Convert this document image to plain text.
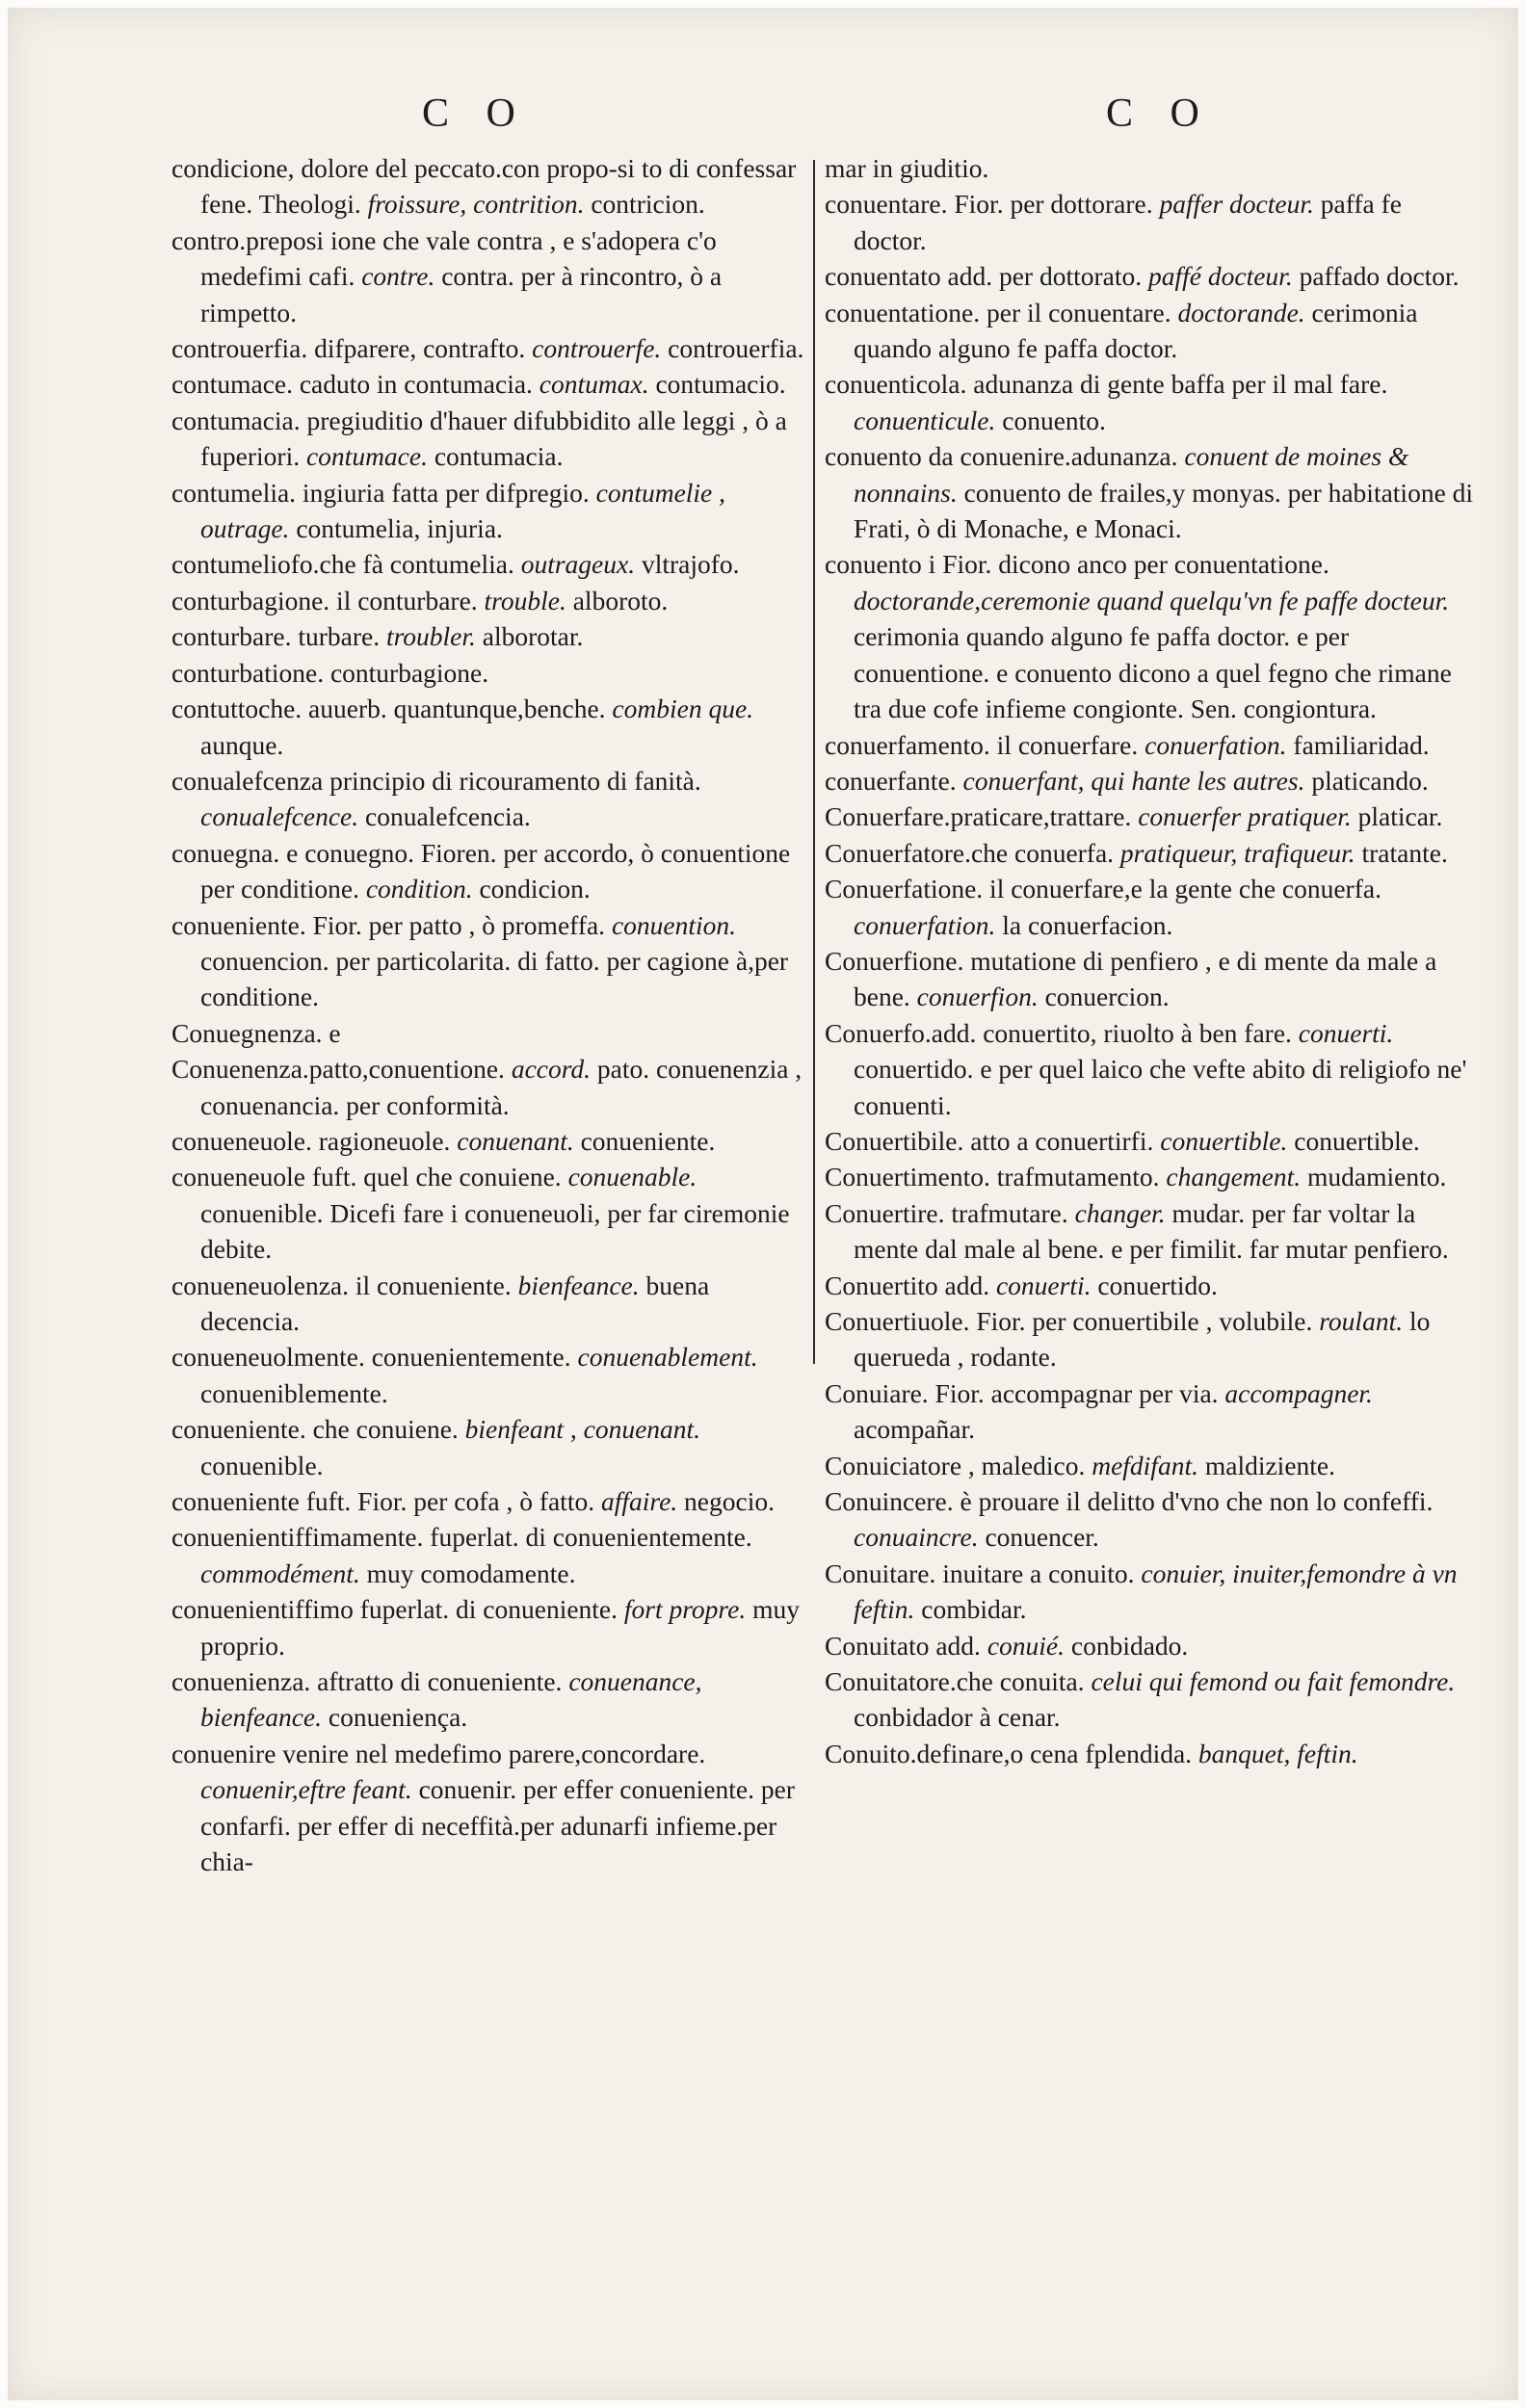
C O	C O

condicione, dolore del peccato.con propo-si to di confessar fene. Theologi. froissure, contrition. contricion.

contro.preposi ione che vale contra , e s'adopera c'o medefimi cafi. contre. contra. per à rincontro, ò a rimpetto.

controuerfia. difparere, contrafto. controuerfe. controuerfia.

contumace. caduto in contumacia. contumax. contumacio.

contumacia. pregiuditio d'hauer difubbidito alle leggi , ò a fuperiori. contumace. contumacia.

contumelia. ingiuria fatta per difpregio. contumelie , outrage. contumelia, injuria.

contumeliofo.che fà contumelia. outrageux. vltrajofo.

conturbagione. il conturbare. trouble. alboroto.

conturbare. turbare. troubler. alborotar.

conturbatione. conturbagione.

contuttoche. auuerb. quantunque,benche. combien que. aunque.

conualefcenza principio di ricouramento di fanità. conualefcence. conualefcencia.

conuegna. e conuegno. Fioren. per accordo, ò conuentione per conditione. condition. condicion.

conueniente. Fior. per patto , ò promeffa. conuention. conuencion. per particolarita. di fatto. per cagione à,per conditione.

Conuegnenza. e

Conuenenza.patto,conuentione. accord. pato. conuenenzia , conuenancia. per conformità.

conueneuole. ragioneuole. conuenant. conueniente.

conueneuole fuft. quel che conuiene. conuenable. conuenible. Dicefi fare i conueneuoli, per far ciremonie debite.

conueneuolenza. il conueniente. bienfeance. buena decencia.

conueneuolmente. conuenientemente. conuenablement. conueniblemente.

conueniente. che conuiene. bienfeant , conuenant. conuenible.

conueniente fuft. Fior. per cofa , ò fatto. affaire. negocio.

conuenientiffimamente. fuperlat. di conuenientemente. commodément. muy comodamente.

conuenientiffimo fuperlat. di conueniente. fort propre. muy proprio.

conuenienza. aftratto di conueniente. conuenance, bienfeance. conueniença.

conuenire venire nel medefimo parere,concordare. conuenir,eftre feant. conuenir. per effer conueniente. per confarfi. per effer di neceffità.per adunarfi infieme.per chia-

mar in giuditio.

conuentare. Fior. per dottorare. paffer docteur. paffa fe doctor.

conuentato add. per dottorato. paffé docteur. paffado doctor.

conuentatione. per il conuentare. doctorande. cerimonia quando alguno fe paffa doctor.

conuenticola. adunanza di gente baffa per il mal fare. conuenticule. conuento.

conuento da conuenire.adunanza. conuent de moines & nonnains. conuento de frailes,y monyas. per habitatione di Frati, ò di Monache, e Monaci.

conuento i Fior. dicono anco per conuentatione. doctorande,ceremonie quand quelqu'vn fe paffe docteur. cerimonia quando alguno fe paffa doctor. e per conuentione. e conuento dicono a quel fegno che rimane tra due cofe infieme congionte. Sen. congiontura.

conuerfamento. il conuerfare. conuerfation. familiaridad.

conuerfante. conuerfant, qui hante les autres. platicando.

Conuerfare.praticare,trattare. conuerfer pratiquer. platicar.

Conuerfatore.che conuerfa. pratiqueur, trafiqueur. tratante.

Conuerfatione. il conuerfare,e la gente che conuerfa. conuerfation. la conuerfacion.

Conuerfione. mutatione di penfiero , e di mente da male a bene. conuerfion. conuercion.

Conuerfo.add. conuertito, riuolto à ben fare. conuerti. conuertido. e per quel laico che vefte abito di religiofo ne' conuenti.

Conuertibile. atto a conuertirfi. conuertible. conuertible.

Conuertimento. trafmutamento. changement. mudamiento.

Conuertire. trafmutare. changer. mudar. per far voltar la mente dal male al bene. e per fimilit. far mutar penfiero.

Conuertito add. conuerti. conuertido.

Conuertiuole. Fior. per conuertibile , volubile. roulant. lo querueda , rodante.

Conuiare. Fior. accompagnar per via. accompagner. acompañar.

Conuiciatore , maledico. mefdifant. maldiziente.

Conuincere. è prouare il delitto d'vno che non lo confeffi. conuaincre. conuencer.

Conuitare. inuitare a conuito. conuier, inuiter,femondre à vn feftin. combidar.

Conuitato add. conuié. conbidado.

Conuitatore.che conuita. celui qui femond ou fait femondre. conbidador à cenar.

Conuito.definare,o cena fplendida. banquet, feftin.
